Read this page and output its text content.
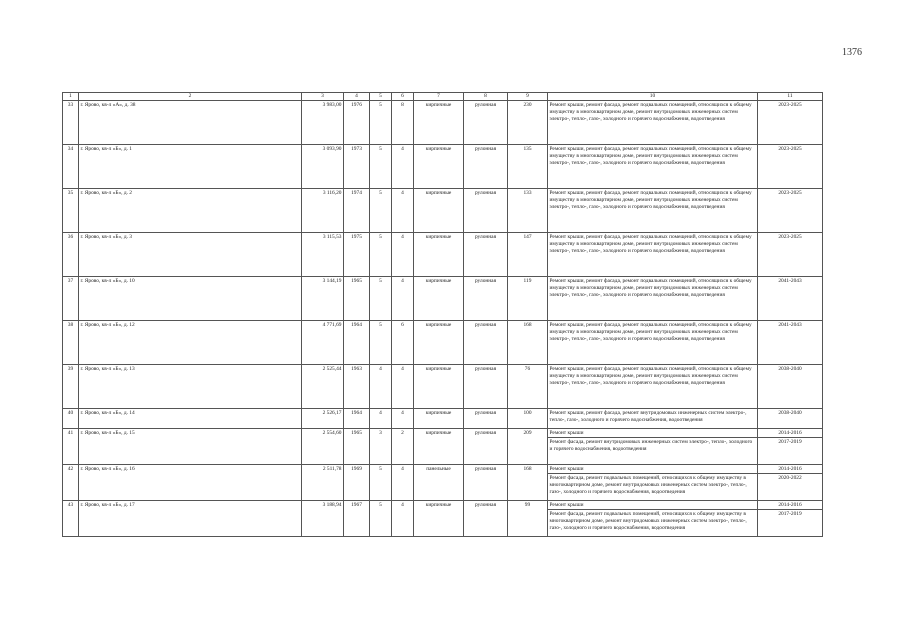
1376
1	2	3	4	5	6	7	8	9	10	11
33	г. Ярово, кв-л «А», д. 38	3 983,00	1976	5	8	кирпичные	рулонная	230	Ремонт крыши, ремонт фасада, ремонт подвальных помещений, относящихся к общему имуществу в многоквартирном доме, ремонт внутридомовых инженерных систем электро-, тепло-, газо-, холодного и горячего водоснабжения, водоотведения	2023-2025
34	г. Ярово, кв-л «Б», д. 1	3 093,90	1973	5	4	кирпичные	рулонная	135	Ремонт крыши, ремонт фасада, ремонт подвальных помещений, относящихся к общему имуществу в многоквартирном доме, ремонт внутридомовых инженерных систем электро-, тепло-, газо-, холодного и горячего водоснабжения, водоотведения	2023-2025
35	г. Ярово, кв-л «Б», д. 2	3 116,20	1974	5	4	кирпичные	рулонная	133	Ремонт крыши, ремонт фасада, ремонт подвальных помещений, относящихся к общему имуществу в многоквартирном доме, ремонт внутридомовых инженерных систем электро-, тепло-, газо-, холодного и горячего водоснабжения, водоотведения	2023-2025
36	г. Ярово, кв-л «Б», д. 3	3 115,53	1975	5	4	кирпичные	рулонная	147	Ремонт крыши, ремонт фасада, ремонт подвальных помещений, относящихся к общему имуществу в многоквартирном доме, ремонт внутридомовых инженерных систем электро-, тепло-, газо-, холодного и горячего водоснабжения, водоотведения	2023-2025
37	г. Ярово, кв-л «Б», д. 10	3 144,19	1965	5	4	кирпичные	рулонная	119	Ремонт крыши, ремонт фасада, ремонт подвальных помещений, относящихся к общему имуществу в многоквартирном доме, ремонт внутридомовых инженерных систем электро-, тепло-, газо-, холодного и горячего водоснабжения, водоотведения	2041-2043
38	г. Ярово, кв-л «Б», д. 12	4 771,69	1964	5	6	кирпичные	рулонная	168	Ремонт крыши, ремонт фасада, ремонт подвальных помещений, относящихся к общему имуществу в многоквартирном доме, ремонт внутридомовых инженерных систем электро-, тепло-, газо-, холодного и горячего водоснабжения, водоотведения	2041-2043
39	г. Ярово, кв-л «Б», д. 13	2 525,44	1963	4	4	кирпичные	рулонная	76	Ремонт крыши, ремонт фасада, ремонт подвальных помещений, относящихся к общему имуществу в многоквартирном доме, ремонт внутридомовых инженерных систем электро-, тепло-, газо-, холодного и горячего водоснабжения, водоотведения	2038-2040
40	г. Ярово, кв-л «Б», д. 14	2 526,17	1964	4	4	кирпичные	рулонная	100	Ремонт крыши, ремонт фасада, ремонт внутридомовых инженерных систем электро-, тепло-, газо-, холодного и горячего водоснабжения, водоотведения	2038-2040
41	г. Ярово, кв-л «Б», д. 15	2 554,60	1965	3	2	кирпичные	рулонная	209	Ремонт крыши	2014-2016
									Ремонт фасада, ремонт внутридомовых инженерных систем электро-, тепло-, холодного и горячего водоснабжения, водоотведения	2017-2019
42	г. Ярово, кв-л «Б», д. 16	2 511,78	1969	5	4	панельные	рулонная	168	Ремонт крыши	2014-2016
									Ремонт фасада, ремонт подвальных помещений, относящихся к общему имуществу в многоквартирном доме, ремонт внутридомовых инженерных систем электро-, тепло-, газо-, холодного и горячего водоснабжения, водоотведения	2020-2022
43	г. Ярово, кв-л «Б», д. 17	3 188,94	1967	5	4	кирпичные	рулонная	99	Ремонт крыши	2014-2016
									Ремонт фасада, ремонт подвальных помещений, относящихся к общему имуществу в многоквартирном доме, ремонт внутридомовых инженерных систем электро-, тепло-, газо-, холодного и горячего водоснабжения, водоотведения	2017-2019
